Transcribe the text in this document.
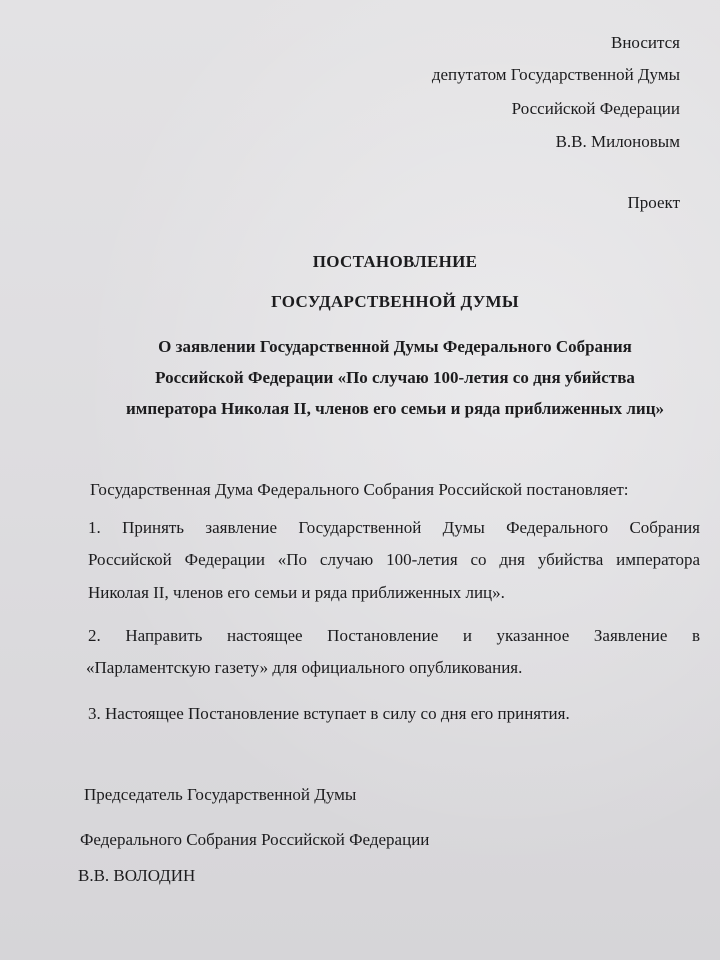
Вносится

депутатом Государственной Думы

Российской Федерации

В.В. Милоновым

Проект

ПОСТАНОВЛЕНИЕ

ГОСУДАРСТВЕННОЙ ДУМЫ

О заявлении Государственной Думы Федерального Собрания

Российской Федерации «По случаю 100-летия со дня убийства

императора Николая II, членов его семьи и ряда приближенных лиц»

Государственная Дума Федерального Собрания Российской постановляет:

1. Принять заявление Государственной Думы Федерального Собрания

Российской Федерации «По случаю 100-летия со дня убийства императора

Николая II, членов его семьи и ряда приближенных лиц».

2. Направить настоящее Постановление и указанное Заявление в

«Парламентскую газету» для официального опубликования.

3. Настоящее Постановление вступает в силу со дня его принятия.

Председатель Государственной Думы

Федерального Собрания Российской Федерации

В.В. ВОЛОДИН
